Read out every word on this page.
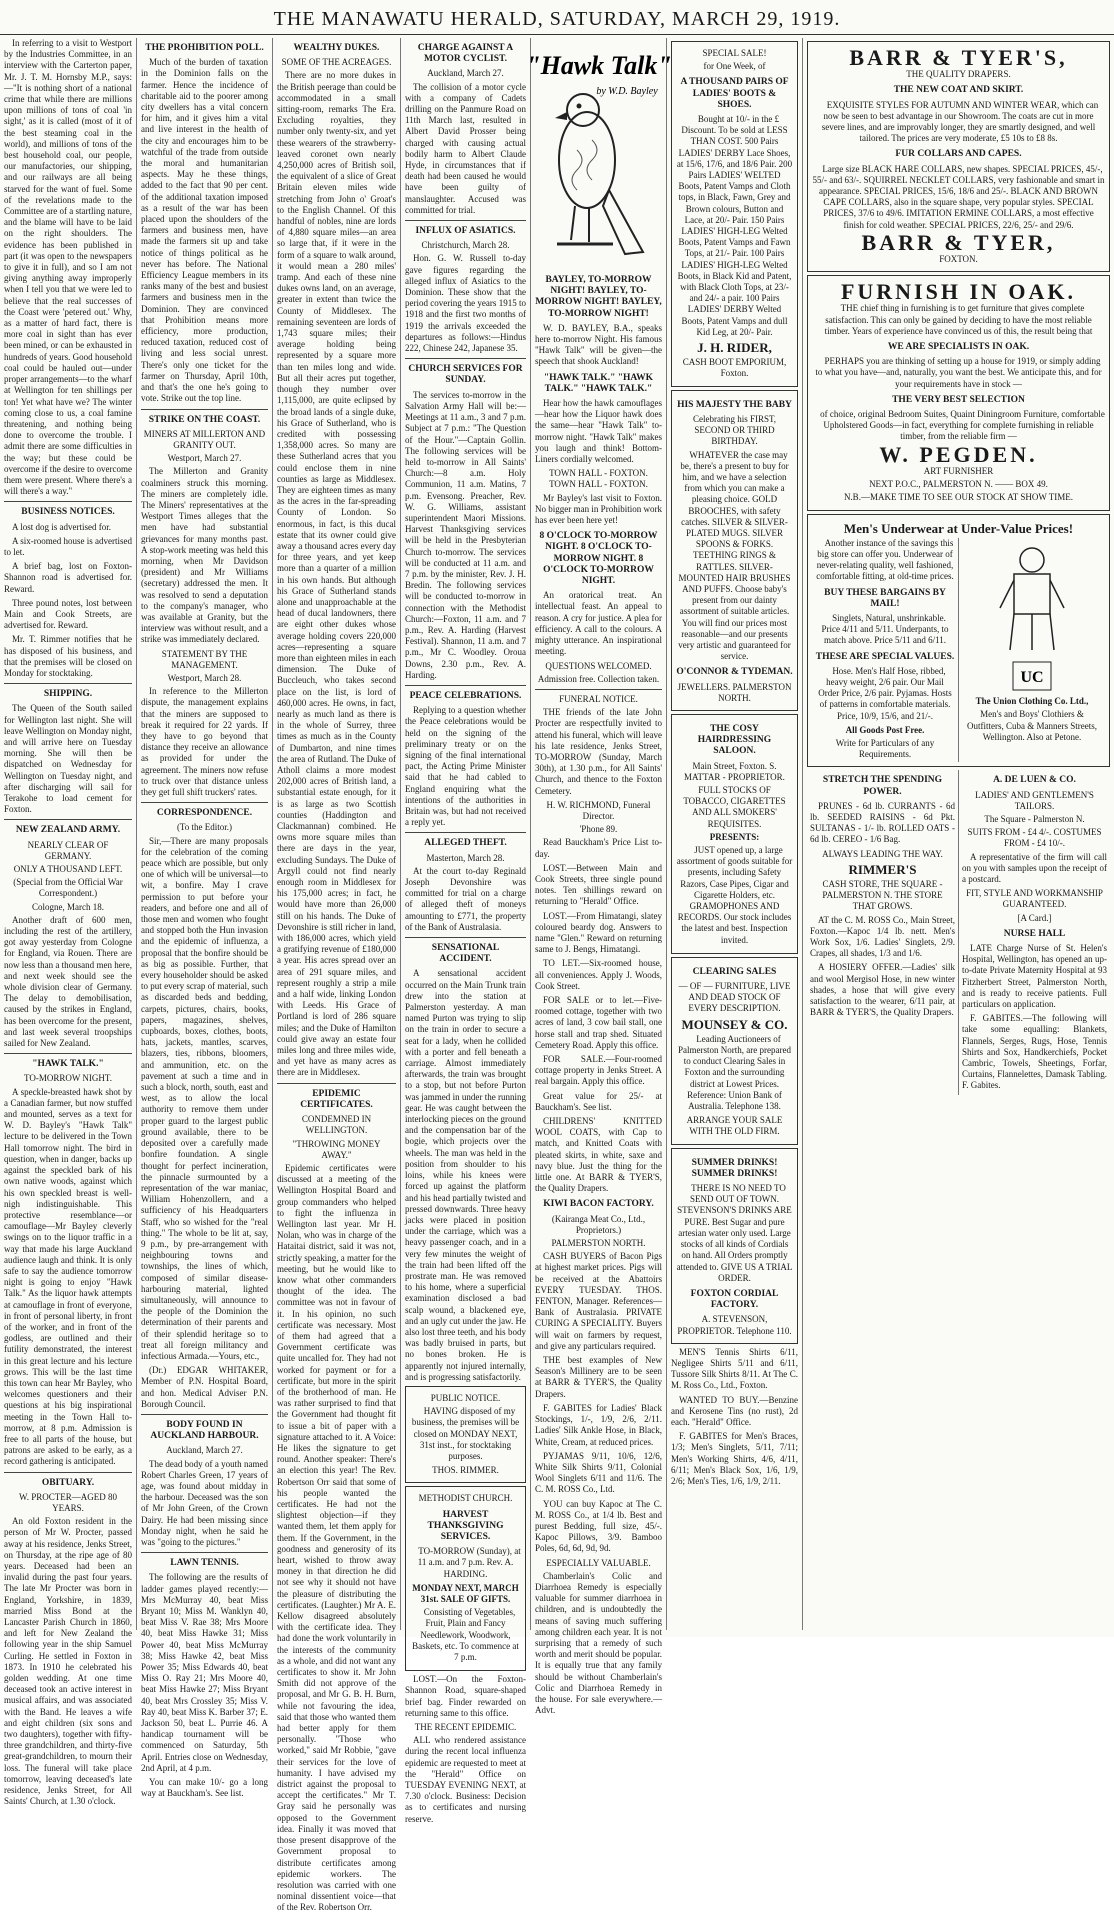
THE MANAWATU HERALD, SATURDAY, MARCH 29, 1919.

In referring to a visit to Westport by the Industries Committee, in an interview with the Carterton paper, Mr. J. T. M. Hornsby M.P., says:—"It is nothing short of a national crime that while there are millions upon millions of tons of coal 'in sight,' as it is called (most of it of the best steaming coal in the world), and millions of tons of the best household coal, our people, our manufactories, our shipping, and our railways are all being starved for the want of fuel. Some of the revelations made to the Committee are of a startling nature, and the blame will have to be laid on the right shoulders. The evidence has been published in part (it was open to the newspapers to give it in full), and so I am not giving anything away improperly when I tell you that we were led to believe that the real successes of the Coast were 'petered out.' Why, as a matter of hard fact, there is more coal in sight than has ever been mined, or can be exhausted in hundreds of years. Good household coal could be hauled out—under proper arrangements—to the wharf at Wellington for ten shillings per ton! Yet what have we? The winter coming close to us, a coal famine threatening, and nothing being done to overcome the trouble. I admit there are some difficulties in the way; but these could be overcome if the desire to overcome them were present. Where there's a will there's a way."

BUSINESS NOTICES.

A lost dog is advertised for.

A six-roomed house is advertised to let.

A brief bag, lost on Foxton-Shannon road is advertised for. Reward.

Three pound notes, lost between Main and Cook Streets, are advertised for. Reward.

Mr. T. Rimmer notifies that he has disposed of his business, and that the premises will be closed on Monday for stocktaking.

SHIPPING.

The Queen of the South sailed for Wellington last night. She will leave Wellington on Monday night, and will arrive here on Tuesday morning. She will then be dispatched on Wednesday for Wellington on Tuesday night, and after discharging will sail for Terakohe to load cement for Foxton.

NEW ZEALAND ARMY.
NEARLY CLEAR OF GERMANY.
ONLY A THOUSAND LEFT.
(Special from the Official War Correspondent.)
Cologne, March 18.

Another draft of 600 men, including the rest of the artillery, got away yesterday from Cologne for England, via Rouen. There are now less than a thousand men here, and next week should see the whole division clear of Germany. The delay to demobilisation, caused by the strikes in England, has been overcome for the present, and last week several troopships sailed for New Zealand.

"HAWK TALK."
TO-MORROW NIGHT.

A speckle-breasted hawk shot by a Canadian farmer, but now stuffed and mounted, serves as a text for W. D. Bayley's "Hawk Talk" lecture to be delivered in the Town Hall tomorrow night. The bird in question, when in danger, backs up against the speckled bark of his own native woods, against which his own speckled breast is well-nigh indistinguishable. This protective resemblance—or camouflage—Mr Bayley cleverly swings on to the liquor traffic in a way that made his large Auckland audience laugh and think. It is only safe to say the audience tomorrow night is going to enjoy "Hawk Talk." As the liquor hawk attempts at camouflage in front of everyone, in front of personal liberty, in front of the worker, and in front of the godless, are outlined and their futility demonstrated, the interest in this great lecture and his lecture grows. This will be the last time this town can hear Mr Bayley, who welcomes questioners and their questions at his big inspirational meeting in the Town Hall to-morrow, at 8 p.m. Admission is free to all parts of the house, but patrons are asked to be early, as a record gathering is anticipated.

OBITUARY.
W. PROCTER—AGED 80 YEARS.

An old Foxton resident in the person of Mr W. Procter, passed away at his residence, Jenks Street, on Thursday, at the ripe age of 80 years. Deceased had been an invalid during the past four years. The late Mr Procter was born in England, Yorkshire, in 1839, married Miss Bond at the Lancaster Parish Church in 1860, and left for New Zealand the following year in the ship Samuel Curling. He settled in Foxton in 1873. In 1910 he celebrated his golden wedding. At one time deceased took an active interest in musical affairs, and was associated with the Band. He leaves a wife and eight children (six sons and two daughters), together with fifty-three grandchildren, and thirty-five great-grandchildren, to mourn their loss. The funeral will take place tomorrow, leaving deceased's late residence, Jenks Street, for All Saints' Church, at 1.30 o'clock.

THE PROHIBITION POLL.

Much of the burden of taxation in the Dominion falls on the farmer. Hence the incidence of charitable aid to the poorer among city dwellers has a vital concern for him, and it gives him a vital and live interest in the health of the city and encourages him to be watchful of the trade from outside the moral and humanitarian aspects. May he these things, added to the fact that 90 per cent. of the additional taxation imposed as a result of the war has been placed upon the shoulders of the farmers and business men, have made the farmers sit up and take notice of things political as he never has before. The National Efficiency League members in its ranks many of the best and busiest farmers and business men in the Dominion. They are convinced that Prohibition means more efficiency, more production, reduced taxation, reduced cost of living and less social unrest. There's only one ticket for the farmer on Thursday, April 10th, and that's the one he's going to vote. Strike out the top line.

STRIKE ON THE COAST.
MINERS AT MILLERTON AND GRANITY OUT.
Westport, March 27.

The Millerton and Granity coalminers struck this morning. The miners are completely idle. The Miners' representatives at the Westport Times alleges that the men have had substantial grievances for many months past. A stop-work meeting was held this morning, when Mr Davidson (president) and Mr Williams (secretary) addressed the men. It was resolved to send a deputation to the company's manager, who was available at Granity, but the interview was without result, and a strike was immediately declared.

STATEMENT BY THE MANAGEMENT.
Westport, March 28.

In reference to the Millerton dispute, the management explains that the miners are supposed to break it required for 22 yards. If they have to go beyond that distance they receive an allowance as provided for under the agreement. The miners now refuse to truck over that distance unless they get full shift truckers' rates.

CORRESPONDENCE.
(To the Editor.)

Sir,—There are many proposals for the celebration of the coming peace which are possible, but only one of which will be universal—to wit, a bonfire. May I crave permission to put before your readers, and before one and all of those men and women who fought and stopped both the Hun invasion and the epidemic of influenza, a proposal that the bonfire should be as big as possible. Further, that every householder should be asked to put every scrap of material, such as discarded beds and bedding, carpets, pictures, chairs, books, papers, magazines, shelves, cupboards, boxes, clothes, boots, hats, jackets, mantles, scarves, blazers, ties, ribbons, bloomers, and ammunition, etc. on the pavement at such a time and in such a block, north, south, east and west, as to allow the local authority to remove them under proper guard to the largest public ground available, there to be deposited over a carefully made bonfire foundation. A single thought for perfect incineration, the pinnacle surmounted by a representation of the war maniac, William Hohenzollern, and a sufficiency of his Headquarters Staff, who so wished for the "real thing." The whole to be lit at, say, 9 p.m., by pre-arrangement with neighbouring towns and townships, the lines of which, composed of similar disease-harbouring material, lighted simultaneously, will announce to the people of the Dominion the determination of their parents and of their splendid heritage so to treat all foreign militancy and infectious Armada.—Yours, etc.,

(Dr.) EDGAR WHITAKER, Member of P.N. Hospital Board, and hon. Medical Adviser P.N. Borough Council.

BODY FOUND IN AUCKLAND HARBOUR.
Auckland, March 27.

The dead body of a youth named Robert Charles Green, 17 years of age, was found about midday in the harbour. Deceased was the son of Mr John Green, of the Crown Dairy. He had been missing since Monday night, when he said he was "going to the pictures."

LAWN TENNIS.

The following are the results of ladder games played recently:—Mrs McMurray 40, beat Miss Bryant 10; Miss M. Wanklyn 40, beat Miss V. Rae 38; Mrs Moore 40, beat Miss Hawke 31; Miss Power 40, beat Miss McMurray 38; Miss Hawke 42, beat Miss Power 35; Miss Edwards 40, beat Miss O. Ray 21; Mrs Moore 40, beat Miss Hawke 27; Miss Bryant 40, beat Mrs Crossley 35; Miss V. Ray 40, beat Miss K. Barber 37; E. Jackson 50, beat L. Purrie 46. A handicap tournament will be commenced on Saturday, 5th April. Entries close on Wednesday, 2nd April, at 4 p.m.

You can make 10/- go a long way at Bauckham's. See list.

WEALTHY DUKES.
SOME OF THE ACREAGES.

There are no more dukes in the British peerage than could be accommodated in a small sitting-room, remarks The Era. Excluding royalties, they number only twenty-six, and yet these wearers of the strawberry-leaved coronet own nearly 4,250,000 acres of British soil, the equivalent of a slice of Great Britain eleven miles wide stretching from John o' Groat's to the English Channel. Of this handful of nobles, nine are lords of 4,880 square miles—an area so large that, if it were in the form of a square to walk around, it would mean a 280 miles' tramp. And each of these nine dukes owns land, on an average, greater in extent than twice the County of Middlesex. The remaining seventeen are lords of 1,743 square miles; their average holding being represented by a square more than ten miles long and wide. But all their acres put together, though they number over 1,115,000, are quite eclipsed by the broad lands of a single duke, his Grace of Sutherland, who is credited with possessing 1,358,000 acres. So many are these Sutherland acres that you could enclose them in nine counties as large as Middlesex. They are eighteen times as many as the acres in the far-spreading County of London. So enormous, in fact, is this ducal estate that its owner could give away a thousand acres every day for three years, and yet keep more than a quarter of a million in his own hands. But although his Grace of Sutherland stands alone and unapproachable at the head of ducal landowners, there are eight other dukes whose average holding covers 220,000 acres—representing a square more than eighteen miles in each dimension. The Duke of Buccleuch, who takes second place on the list, is lord of 460,000 acres. He owns, in fact, nearly as much land as there is in the whole of Surrey, three times as much as in the County of Dumbarton, and nine times the area of Rutland. The Duke of Atholl claims a more modest 202,000 acres of British land, a substantial estate enough, for it is as large as two Scottish counties (Haddington and Clackmannan) combined. He owns more square miles than there are days in the year, excluding Sundays. The Duke of Argyll could not find nearly enough room in Middlesex for his 175,000 acres; in fact, he would have more than 26,000 still on his hands. The Duke of Devonshire is still richer in land, with 186,000 acres, which yield a gratifying revenue of £180,000 a year. His acres spread over an area of 291 square miles, and represent roughly a strip a mile and a half wide, linking London with Leeds. His Grace of Portland is lord of 286 square miles; and the Duke of Hamilton could give away an estate four miles long and three miles wide, and yet have as many acres as there are in Middlesex.

EPIDEMIC CERTIFICATES.
CONDEMNED IN WELLINGTON.
"THROWING MONEY AWAY."

Epidemic certificates were discussed at a meeting of the Wellington Hospital Board and group commanders who helped to fight the influenza in Wellington last year. Mr H. Nolan, who was in charge of the Hataitai district, said it was not, strictly speaking, a matter for the meeting, but he would like to know what other commanders thought of the idea. The committee was not in favour of it. In his opinion, no such certificate was necessary. Most of them had agreed that a Government certificate was quite uncalled for. They had not worked for payment or for a certificate, but more in the spirit of the brotherhood of man. He was rather surprised to find that the Government had thought fit to issue a bit of paper with a signature attached to it. A Voice: He likes the signature to get round. Another speaker: There's an election this year! The Rev. Robertson Orr said that some of his people wanted the certificates. He had not the slightest objection—if they wanted them, let them apply for them. If the Government, in the goodness and generosity of its heart, wished to throw away money in that direction he did not see why it should not have the pleasure of distributing the certificates. (Laughter.) Mr A. E. Kellow disagreed absolutely with the certificate idea. They had done the work voluntarily in the interests of the community as a whole, and did not want any certificates to show it. Mr John Smith did not approve of the proposal, and Mr G. B. H. Burn, while not favouring the idea, said that those who wanted them had better apply for them personally. "Those who worked," said Mr Robbie, "gave their services for the love of humanity. I have advised my district against the proposal to accept the certificates." Mr T. Gray said he personally was opposed to the Government idea. Finally it was moved that those present disapprove of the Government proposal to distribute certificates among epidemic workers. The resolution was carried with one nominal dissentient voice—that of the Rev. Robertson Orr.

CHARGE AGAINST A MOTOR CYCLIST.
Auckland, March 27.

The collision of a motor cycle with a company of Cadets drilling on the Panmure Road on 11th March last, resulted in Albert David Prosser being charged with causing actual bodily harm to Albert Claude Hyde, in circumstances that if death had been caused he would have been guilty of manslaughter. Accused was committed for trial.

INFLUX OF ASIATICS.
Christchurch, March 28.

Hon. G. W. Russell to-day gave figures regarding the alleged influx of Asiatics to the Dominion. These show that the period covering the years 1915 to 1918 and the first two months of 1919 the arrivals exceeded the departures as follows:—Hindus 222, Chinese 242, Japanese 35.

CHURCH SERVICES FOR SUNDAY.

The services to-morrow in the Salvation Army Hall will be:—Meetings at 11 a.m., 3 and 7 p.m. Subject at 7 p.m.: "The Question of the Hour."—Captain Gollin. The following services will be held to-morrow in All Saints' Church:—8 a.m. Holy Communion, 11 a.m. Matins, 7 p.m. Evensong. Preacher, Rev. W. G. Williams, assistant superintendent Maori Missions. Harvest Thanksgiving services will be held in the Presbyterian Church to-morrow. The services will be conducted at 11 a.m. and 7 p.m. by the minister, Rev. J. H. Bredin. The following services will be conducted to-morrow in connection with the Methodist Church:—Foxton, 11 a.m. and 7 p.m., Rev. A. Harding (Harvest Festival). Shannon, 11 a.m. and 7 p.m., Mr C. Woodley. Oroua Downs, 2.30 p.m., Rev. A. Harding.

PEACE CELEBRATIONS.

Replying to a question whether the Peace celebrations would be held on the signing of the preliminary treaty or on the signing of the final international pact, the Acting Prime Minister said that he had cabled to England enquiring what the intentions of the authorities in Britain was, but had not received a reply yet.

ALLEGED THEFT.
Masterton, March 28.

At the court to-day Reginald Joseph Devonshire was committed for trial on a charge of alleged theft of moneys amounting to £771, the property of the Bank of Australasia.

SENSATIONAL ACCIDENT.

A sensational accident occurred on the Main Trunk train drew into the station at Palmerston yesterday. A man named Purton was trying to slip on the train in order to secure a seat for a lady, when he collided with a porter and fell beneath a carriage. Almost immediately afterwards, the train was brought to a stop, but not before Purton was jammed in under the running gear. He was caught between the interlocking pieces on the ground and the compensation bar of the bogie, which projects over the wheels. The man was held in the position from shoulder to his loins, while his knees were forced up against the platform and his head partially twisted and pressed downwards. Three heavy jacks were placed in position under the carriage, which was a heavy passenger coach, and in a very few minutes the weight of the train had been lifted off the prostrate man. He was removed to his home, where a superficial examination disclosed a bad scalp wound, a blackened eye, and an ugly cut under the jaw. He also lost three teeth, and his body was badly bruised in parts, but no bones broken. He is apparently not injured internally, and is progressing satisfactorily.

PUBLIC NOTICE.

HAVING disposed of my business, the premises will be closed on MONDAY NEXT, 31st inst., for stocktaking purposes.

THOS. RIMMER.
METHODIST CHURCH.
HARVEST THANKSGIVING SERVICES.

TO-MORROW (Sunday), at 11 a.m. and 7 p.m. Rev. A. HARDING.

MONDAY NEXT, MARCH 31st. SALE OF GIFTS.

Consisting of Vegetables, Fruit, Plain and Fancy Needlework, Woodwork, Baskets, etc. To commence at 7 p.m.

LOST.—On the Foxton-Shannon Road, square-shaped brief bag. Finder rewarded on returning same to this office.

THE RECENT EPIDEMIC.

ALL who rendered assistance during the recent local influenza epidemic are requested to meet at the "Herald" Office on TUESDAY EVENING NEXT, at 7.30 o'clock. Business: Decision as to certificates and nursing reserve.

"Hawk Talk"
by W.D. Bayley
BAYLEY, TO-MORROW NIGHT! BAYLEY, TO-MORROW NIGHT! BAYLEY, TO-MORROW NIGHT!

W. D. BAYLEY, B.A., speaks here to-morrow Night. His famous "Hawk Talk" will be given—the speech that shook Auckland!

"HAWK TALK." "HAWK TALK." "HAWK TALK."

Hear how the hawk camouflages—hear how the Liquor hawk does the same—hear "Hawk Talk" to-morrow night. "Hawk Talk" makes you laugh and think! Bottom-Liners cordially welcomed.

TOWN HALL - FOXTON. TOWN HALL - FOXTON.

Mr Bayley's last visit to Foxton. No bigger man in Prohibition work has ever been here yet!

8 O'CLOCK TO-MORROW NIGHT. 8 O'CLOCK TO-MORROW NIGHT. 8 O'CLOCK TO-MORROW NIGHT.

An oratorical treat. An intellectual feast. An appeal to reason. A cry for justice. A plea for efficiency. A call to the colours. A mighty utterance. An inspirational meeting.

QUESTIONS WELCOMED.
Admission free. Collection taken.
FUNERAL NOTICE.

THE friends of the late John Procter are respectfully invited to attend his funeral, which will leave his late residence, Jenks Street, TO-MORROW (Sunday, March 30th), at 1.30 p.m., for All Saints' Church, and thence to the Foxton Cemetery.

H. W. RICHMOND, Funeral Director.
'Phone 89.

Read Bauckham's Price List to-day.

LOST.—Between Main and Cook Streets, three single pound notes. Ten shillings reward on returning to "Herald" Office.

LOST.—From Himatangi, slatey coloured beardy dog. Answers to name "Glen." Reward on returning same to J. Bengs, Himatangi.

TO LET.—Six-roomed house, all conveniences. Apply J. Woods, Cook Street.

FOR SALE or to let.—Five-roomed cottage, together with two acres of land, 3 cow bail stall, one horse stall and trap shed. Situated Cemetery Road. Apply this office.

FOR SALE.—Four-roomed cottage property in Jenks Street. A real bargain. Apply this office.

Great value for 25/- at Bauckham's. See list.

CHILDRENS' KNITTED WOOL COATS, with Cap to match, and Knitted Coats with pleated skirts, in white, saxe and navy blue. Just the thing for the little one. At BARR & TYER'S, the Quality Drapers.

KIWI BACON FACTORY.
(Kairanga Meat Co., Ltd., Proprietors.)
PALMERSTON NORTH.

CASH BUYERS of Bacon Pigs at highest market prices. Pigs will be received at the Abattoirs EVERY TUESDAY. THOS. FENTON, Manager. References—Bank of Australasia. PRIVATE CURING A SPECIALITY. Buyers will wait on farmers by request, and give any particulars required.

THE best examples of New Season's Millinery are to be seen at BARR & TYER'S, the Quality Drapers.

F. GABITES for Ladies' Black Stockings, 1/-, 1/9, 2/6, 2/11. Ladies' Silk Ankle Hose, in Black, White, Cream, at reduced prices.

PYJAMAS 9/11, 10/6, 12/6, White Silk Shirts 9/11, Colonial Wool Singlets 6/11 and 11/6. The C. M. ROSS Co., Ltd.

YOU can buy Kapoc at The C. M. ROSS Co., at 1/4 lb. Best and purest Bedding, full size, 45/-. Kapoc Pillows, 3/9. Bamboo Poles, 6d, 6d, 9d, 9d.

ESPECIALLY VALUABLE.

Chamberlain's Colic and Diarrhoea Remedy is especially valuable for summer diarrhoea in children, and is undoubtedly the means of saving much suffering among children each year. It is not surprising that a remedy of such worth and merit should be popular. It is equally true that any family should be without Chamberlain's Colic and Diarrhoea Remedy in the house. For sale everywhere.—Advt.

SPECIAL SALE!
for One Week, of
A THOUSAND PAIRS OF LADIES' BOOTS & SHOES.

Bought at 10/- in the £ Discount. To be sold at LESS THAN COST. 500 Pairs LADIES' DERBY Lace Shoes, at 15/6, 17/6, and 18/6 Pair. 200 Pairs LADIES' WELTED Boots, Patent Vamps and Cloth tops, in Black, Fawn, Grey and Brown colours, Button and Lace, at 20/- Pair. 150 Pairs LADIES' HIGH-LEG Welted Boots, Patent Vamps and Fawn Tops, at 21/- Pair. 100 Pairs LADIES' HIGH-LEG Welted Boots, in Black Kid and Patent, with Black Cloth Tops, at 23/- and 24/- a pair. 100 Pairs LADIES' DERBY Welted Boots, Patent Vamps and dull Kid Leg, at 20/- Pair.

J. H. RIDER,
CASH BOOT EMPORIUM, Foxton.
HIS MAJESTY THE BABY
Celebrating his FIRST, SECOND OR THIRD BIRTHDAY.

WHATEVER the case may be, there's a present to buy for him, and we have a selection from which you can make a pleasing choice. GOLD BROOCHES, with safety catches. SILVER & SILVER-PLATED MUGS. SILVER SPOONS & FORKS. TEETHING RINGS & RATTLES. SILVER-MOUNTED HAIR BRUSHES AND PUFFS. Choose baby's present from our dainty assortment of suitable articles. You will find our prices most reasonable—and our presents very artistic and guaranteed for service.

O'CONNOR & TYDEMAN.
JEWELLERS. PALMERSTON NORTH.
THE COSY HAIRDRESSING SALOON.
Main Street, Foxton. S. MATTAR - PROPRIETOR.
FULL STOCKS OF TOBACCO, CIGARETTES AND ALL SMOKERS' REQUISITES.
PRESENTS:

JUST opened up, a large assortment of goods suitable for presents, including Safety Razors, Case Pipes, Cigar and Cigarette Holders, etc. GRAMOPHONES AND RECORDS. Our stock includes the latest and best. Inspection invited.

CLEARING SALES
— OF — FURNITURE, LIVE AND DEAD STOCK OF EVERY DESCRIPTION.
MOUNSEY & CO.

Leading Auctioneers of Palmerston North, are prepared to conduct Clearing Sales in Foxton and the surrounding district at Lowest Prices. Reference: Union Bank of Australia. Telephone 138.

ARRANGE YOUR SALE WITH THE OLD FIRM.
SUMMER DRINKS! SUMMER DRINKS!

THERE IS NO NEED TO SEND OUT OF TOWN. STEVENSON'S DRINKS ARE PURE. Best Sugar and pure artesian water only used. Large stocks of all kinds of Cordials on hand. All Orders promptly attended to. GIVE US A TRIAL ORDER.

FOXTON CORDIAL FACTORY.
A. STEVENSON, PROPRIETOR. Telephone 110.

MEN'S Tennis Shirts 6/11, Negligee Shirts 5/11 and 6/11, Tussore Silk Shirts 8/11. At The C. M. Ross Co., Ltd., Foxton.

WANTED TO BUY.—Benzine and Kerosene Tins (no rust), 2d each. "Herald" Office.

F. GABITES for Men's Braces, 1/3; Men's Singlets, 5/11, 7/11; Men's Working Shirts, 4/6, 4/11, 6/11; Men's Black Sox, 1/6, 1/9, 2/6; Men's Ties, 1/6, 1/9, 2/11.

BARR & TYER'S,
THE QUALITY DRAPERS.
THE NEW COAT AND SKIRT.

EXQUISITE STYLES FOR AUTUMN AND WINTER WEAR, which can now be seen to best advantage in our Showroom. The coats are cut in more severe lines, and are improvably longer, they are smartly designed, and well tailored. The prices are very moderate, £5 10s to £8 8s.

FUR COLLARS AND CAPES.

Large size BLACK HARE COLLARS, new shapes. SPECIAL PRICES, 45/-, 55/- and 63/-. SQUIRREL NECKLET COLLARS, very fashionable and smart in appearance. SPECIAL PRICES, 15/6, 18/6 and 25/-. BLACK AND BROWN CAPE COLLARS, also in the square shape, very popular styles. SPECIAL PRICES, 37/6 to 49/6. IMITATION ERMINE COLLARS, a most effective finish for cold weather. SPECIAL PRICES, 22/6, 25/- and 29/6.

BARR & TYER,
FOXTON.
FURNISH IN OAK.

THE chief thing in furnishing is to get furniture that gives complete satisfaction. This can only be gained by deciding to have the most reliable timber. Years of experience have convinced us of this, the result being that

WE ARE SPECIALISTS IN OAK.

PERHAPS you are thinking of setting up a house for 1919, or simply adding to what you have—and, naturally, you want the best. We anticipate this, and for your requirements have in stock —

THE VERY BEST SELECTION

of choice, original Bedroom Suites, Quaint Diningroom Furniture, comfortable Upholstered Goods—in fact, everything for complete furnishing in reliable timber, from the reliable firm —

W. PEGDEN.
ART FURNISHER
NEXT P.O.C., PALMERSTON N. —— BOX 49.
N.B.—MAKE TIME TO SEE OUR STOCK AT SHOW TIME.
Men's Underwear at Under-Value Prices!

Another instance of the savings this big store can offer you. Underwear of never-relating quality, well fashioned, comfortable fitting, at old-time prices.

BUY THESE BARGAINS BY MAIL!

Singlets, Natural, unshrinkable. Price 4/11 and 5/11. Underpants, to match above. Price 5/11 and 6/11.

THESE ARE SPECIAL VALUES.

Hose. Men's Half Hose, ribbed, heavy weight, 2/6 pair. Our Mail Order Price, 2/6 pair. Pyjamas. Hosts of patterns in comfortable materials. Price, 10/9, 15/6, and 21/-.

All Goods Post Free.
Write for Particulars of any Requirements.

UC
The Union Clothing Co. Ltd.,
Men's and Boys' Clothiers & Outfitters, Cuba & Manners Streets, Wellington. Also at Petone.
STRETCH THE SPENDING POWER.

PRUNES - 6d lb. CURRANTS - 6d lb. SEEDED RAISINS - 6d Pkt. SULTANAS - 1/- lb. ROLLED OATS - 6d lb. CEREO - 1/6 Bag.

ALWAYS LEADING THE WAY.
RIMMER'S
CASH STORE, THE SQUARE - PALMERSTON N. THE STORE THAT GROWS.

AT the C. M. ROSS Co., Main Street, Foxton.—Kapoc 1/4 lb. nett. Men's Work Sox, 1/6. Ladies' Singlets, 2/9. Crapes, all shades, 1/3 and 1/6.

A HOSIERY OFFER.—Ladies' silk and wool Mergisol Hose, in new winter shades, a hose that will give every satisfaction to the wearer, 6/11 pair, at BARR & TYER'S, the Quality Drapers.

A. DE LUEN & CO.
LADIES' AND GENTLEMEN'S TAILORS.
The Square - Palmerston N.
SUITS FROM - £4 4/-. COSTUMES FROM - £4 10/-.

A representative of the firm will call on you with samples upon the receipt of a postcard.

FIT, STYLE AND WORKMANSHIP GUARANTEED.
[A Card.]
NURSE HALL

LATE Charge Nurse of St. Helen's Hospital, Wellington, has opened an up-to-date Private Maternity Hospital at 93 Fitzherbert Street, Palmerston North, and is ready to receive patients. Full particulars on application.

F. GABITES.—The following will take some equalling: Blankets, Flannels, Serges, Rugs, Hose, Tennis Shirts and Sox, Handkerchiefs, Pocket Cambric, Towels, Sheetings, Forfar, Curtains, Flannelettes, Damask Tabling. F. Gabites.
